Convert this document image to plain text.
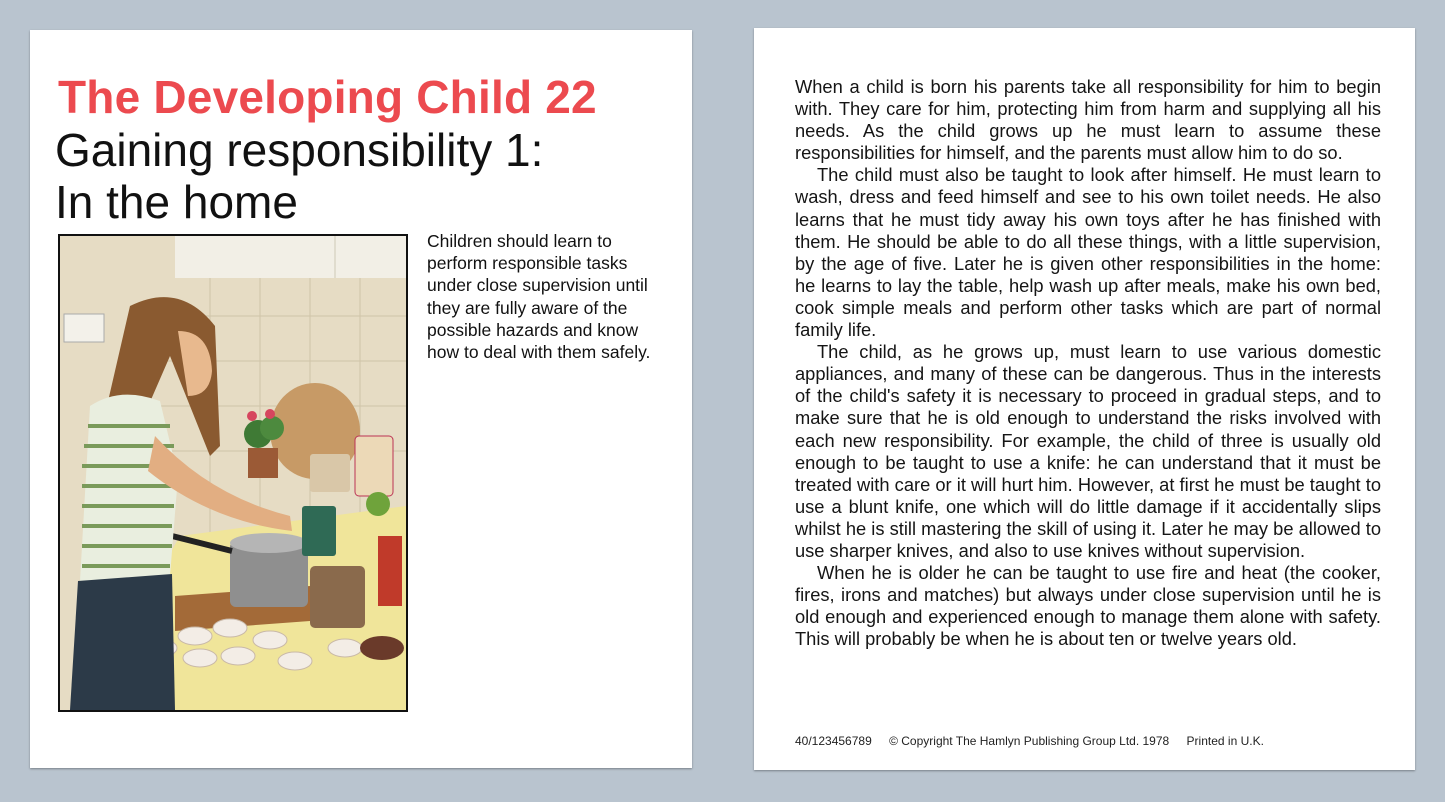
The Developing Child 22
Gaining responsibility 1:
In the home

Children should learn to perform responsible tasks under close supervision until they are fully aware of the possible hazards and know how to deal with them safely.

When a child is born his parents take all responsibility for him to begin with. They care for him, protecting him from harm and supplying all his needs. As the child grows up he must learn to assume these responsibilities for himself, and the parents must allow him to do so.

The child must also be taught to look after himself. He must learn to wash, dress and feed himself and see to his own toilet needs. He also learns that he must tidy away his own toys after he has finished with them. He should be able to do all these things, with a little supervision, by the age of five. Later he is given other responsibilities in the home: he learns to lay the table, help wash up after meals, make his own bed, cook simple meals and perform other tasks which are part of normal family life.

The child, as he grows up, must learn to use various domestic appliances, and many of these can be dangerous. Thus in the interests of the child's safety it is necessary to proceed in gradual steps, and to make sure that he is old enough to understand the risks involved with each new responsibility. For example, the child of three is usually old enough to be taught to use a knife: he can understand that it must be treated with care or it will hurt him. However, at first he must be taught to use a blunt knife, one which will do little damage if it accidentally slips whilst he is still mastering the skill of using it. Later he may be allowed to use sharper knives, and also to use knives without supervision.

When he is older he can be taught to use fire and heat (the cooker, fires, irons and matches) but always under close supervision until he is old enough and experienced enough to manage them alone with safety. This will probably be when he is about ten or twelve years old.

40/123456789 © Copyright The Hamlyn Publishing Group Ltd. 1978 Printed in U.K.
